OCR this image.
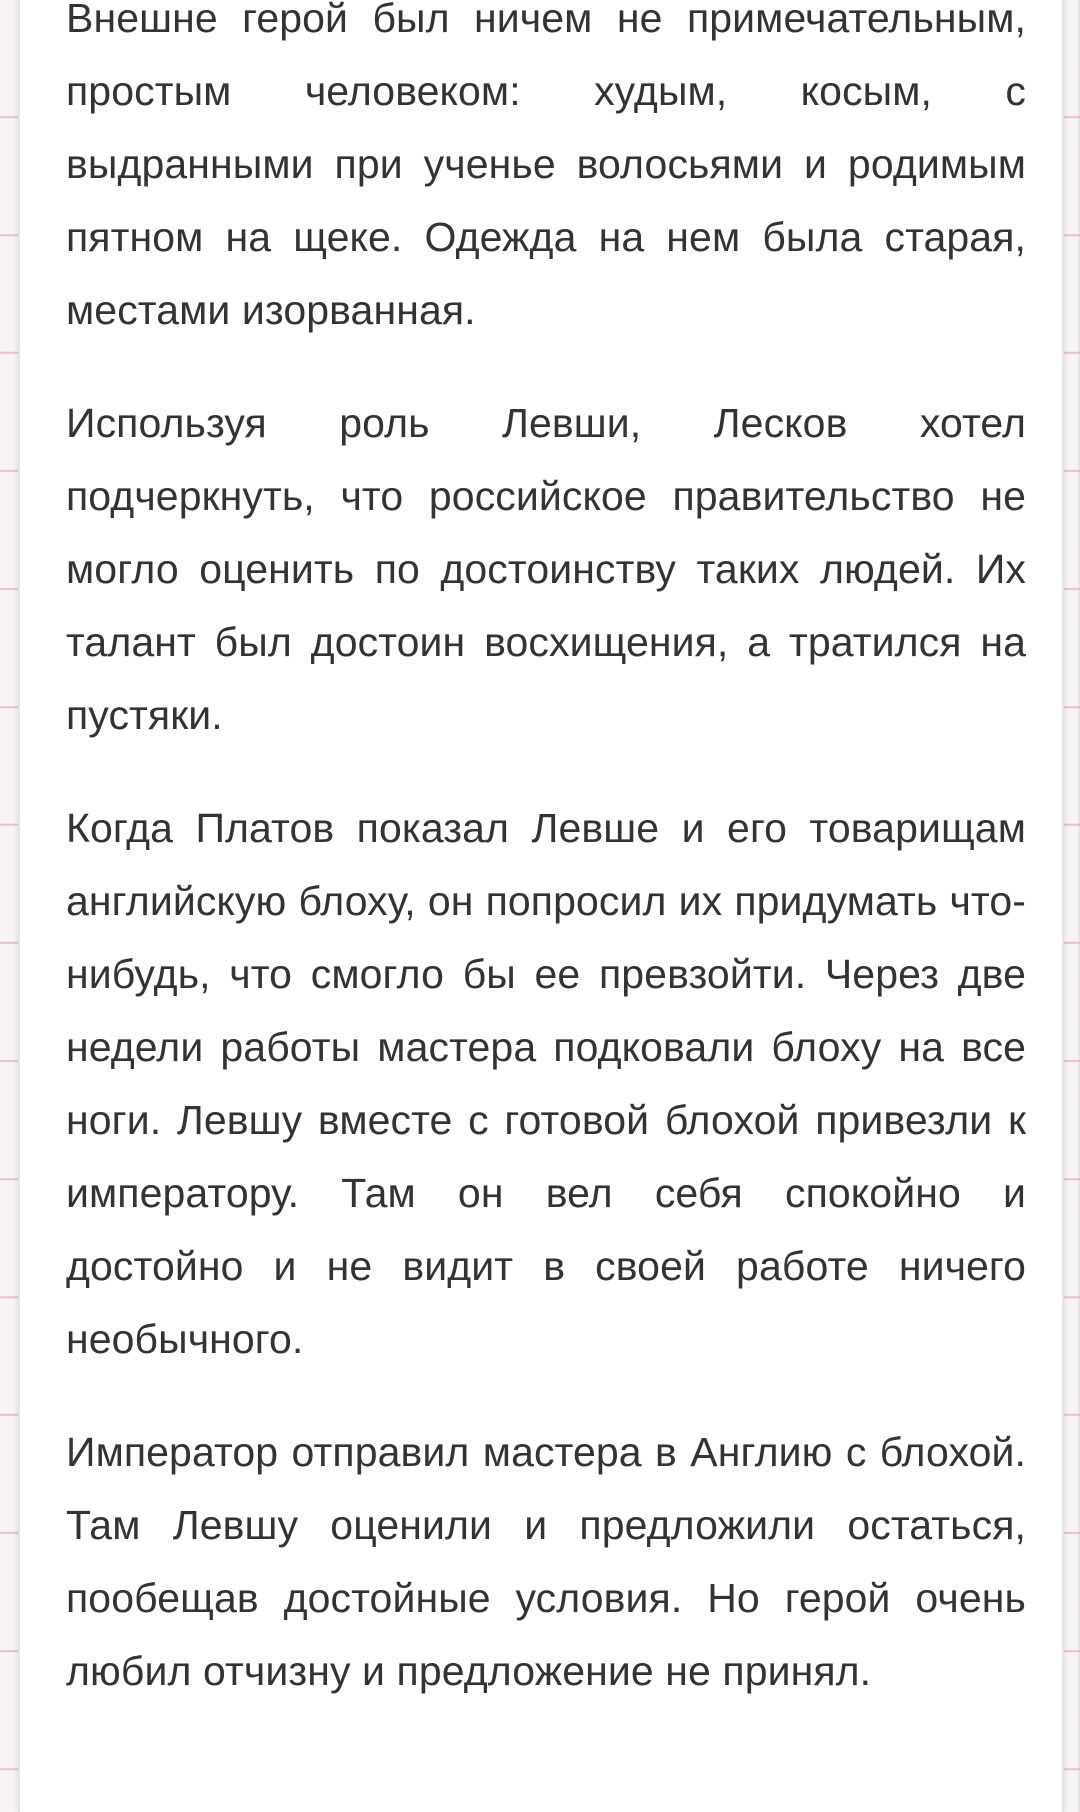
Внешне герой был ничем не примечательным, простым человеком: худым, косым, с выдранными при ученье волосьями и родимым пятном на щеке. Одежда на нем была старая, местами изорванная.

Используя роль Левши, Лесков хотел подчеркнуть, что российское правительство не могло оценить по достоинству таких людей. Их талант был достоин восхищения, а тратился на пустяки.

Когда Платов показал Левше и его товарищам английскую блоху, он попросил их придумать что-нибудь, что смогло бы ее превзойти. Через две недели работы мастера подковали блоху на все ноги. Левшу вместе с готовой блохой привезли к императору. Там он вел себя спокойно и достойно и не видит в своей работе ничего необычного.

Император отправил мастера в Англию с блохой. Там Левшу оценили и предложили остаться, пообещав достойные условия. Но герой очень любил отчизну и предложение не принял.
